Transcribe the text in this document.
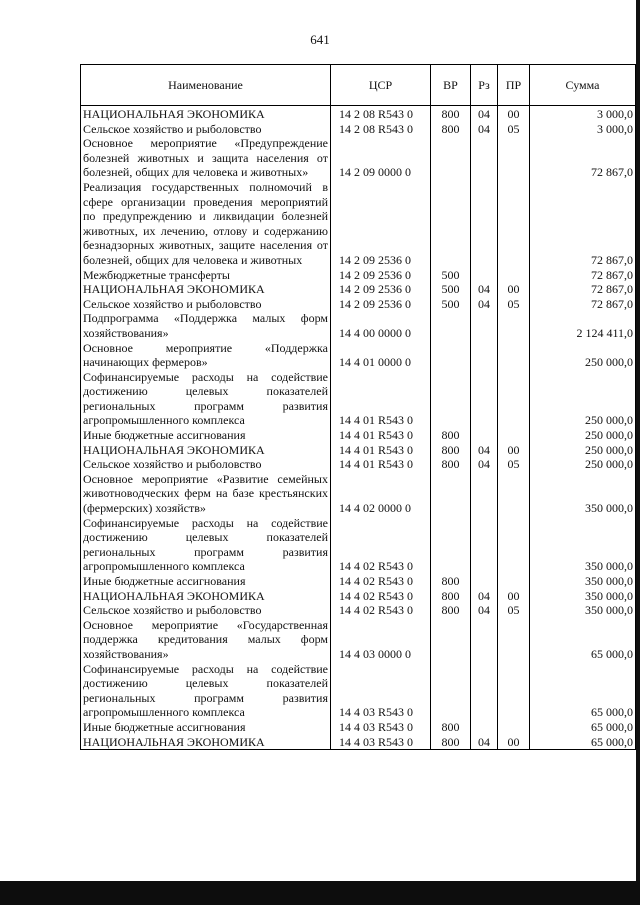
641
Наименование	ЦСР	ВР	Рз	ПР	Сумма
НАЦИОНАЛЬНАЯ ЭКОНОМИКА	14 2 08 R543 0	800	04	00	3 000,0
Сельское хозяйство и рыболовство	14 2 08 R543 0	800	04	05	3 000,0
Основное мероприятие «Предупреждение болезней животных и защита населения от болезней, общих для человека и животных»	14 2 09 0000 0				72 867,0
Реализация государственных полномочий в сфере организации проведения мероприятий по предупреждению и ликвидации болезней животных, их лечению, отлову и содержанию безнадзорных животных, защите населения от болезней, общих для человека и животных	14 2 09 2536 0				72 867,0
Межбюджетные трансферты	14 2 09 2536 0	500			72 867,0
НАЦИОНАЛЬНАЯ ЭКОНОМИКА	14 2 09 2536 0	500	04	00	72 867,0
Сельское хозяйство и рыболовство	14 2 09 2536 0	500	04	05	72 867,0
Подпрограмма «Поддержка малых форм хозяйствования»	14 4 00 0000 0				2 124 411,0
Основное мероприятие «Поддержка начинающих фермеров»	14 4 01 0000 0				250 000,0
Софинансируемые расходы на содействие достижению целевых показателей региональных программ развития агропромышленного комплекса	14 4 01 R543 0				250 000,0
Иные бюджетные ассигнования	14 4 01 R543 0	800			250 000,0
НАЦИОНАЛЬНАЯ ЭКОНОМИКА	14 4 01 R543 0	800	04	00	250 000,0
Сельское хозяйство и рыболовство	14 4 01 R543 0	800	04	05	250 000,0
Основное мероприятие «Развитие семейных животноводческих ферм на базе крестьянских (фермерских) хозяйств»	14 4 02 0000 0				350 000,0
Софинансируемые расходы на содействие достижению целевых показателей региональных программ развития агропромышленного комплекса	14 4 02 R543 0				350 000,0
Иные бюджетные ассигнования	14 4 02 R543 0	800			350 000,0
НАЦИОНАЛЬНАЯ ЭКОНОМИКА	14 4 02 R543 0	800	04	00	350 000,0
Сельское хозяйство и рыболовство	14 4 02 R543 0	800	04	05	350 000,0
Основное мероприятие «Государственная поддержка кредитования малых форм хозяйствования»	14 4 03 0000 0				65 000,0
Софинансируемые расходы на содействие достижению целевых показателей региональных программ развития агропромышленного комплекса	14 4 03 R543 0				65 000,0
Иные бюджетные ассигнования	14 4 03 R543 0	800			65 000,0
НАЦИОНАЛЬНАЯ ЭКОНОМИКА	14 4 03 R543 0	800	04	00	65 000,0
